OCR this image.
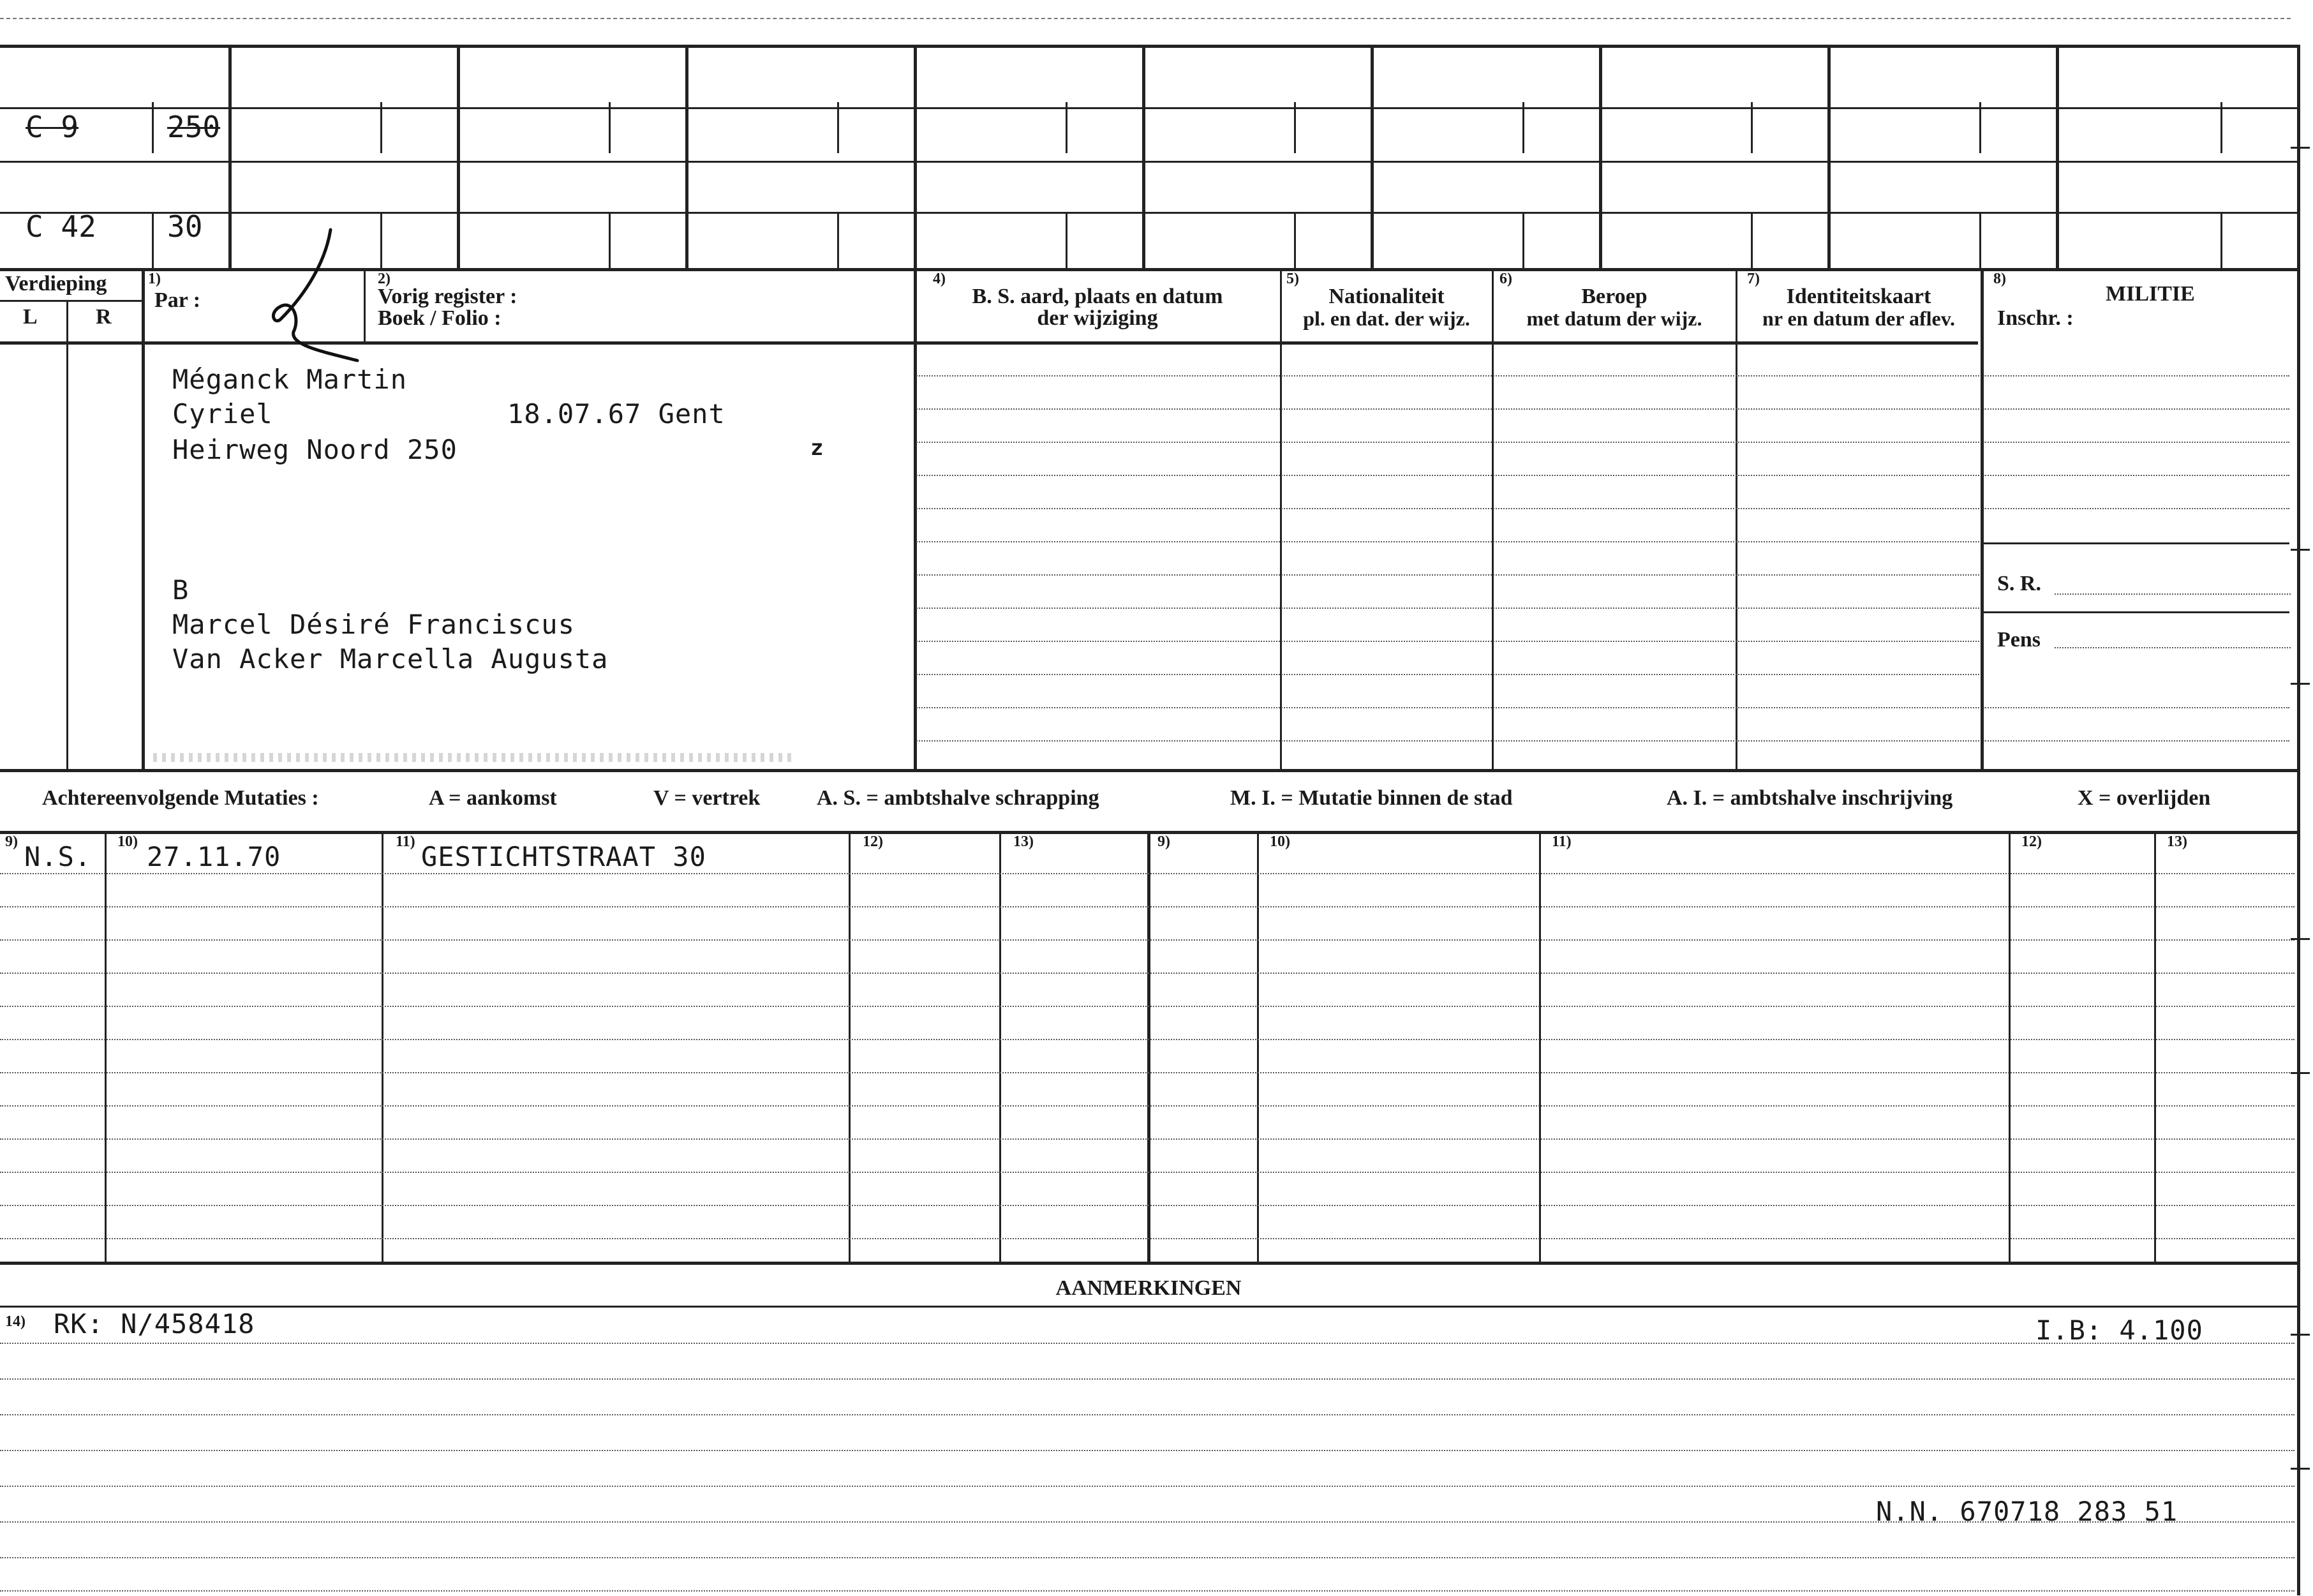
C 9	250
C 42 30
Verdieping
L	R
1)
Par :
2)
Vorig register :
Boek / Folio :
4)
B. S. aard, plaats en datum
der wijziging
5)
Nationaliteit
pl. en dat. der wijz.
6)
Beroep
met datum der wijz.
7)
Identiteitskaart
nr en datum der aflev.
8)
MILITIE
Inschr. :
S. R.
Pens
Méganck Martin
Cyriel	18.07.67 Gent
Heirweg Noord 250	z
B
Marcel Désiré Franciscus
Van Acker Marcella Augusta
Achtereenvolgende Mutaties :	A = aankomst	V = vertrek	A. S. = ambtshalve schrapping	M. I. = Mutatie binnen de stad	A. I. = ambtshalve inschrijving	X = overlijden
9)	10)	11)	12)	13)	9)	10)	11)	12)	13)
N.S. 27.11.70	GESTICHTSTRAAT 30
AANMERKINGEN
14) RK: N/458418	I.B: 4.100
N.N. 670718 283 51
